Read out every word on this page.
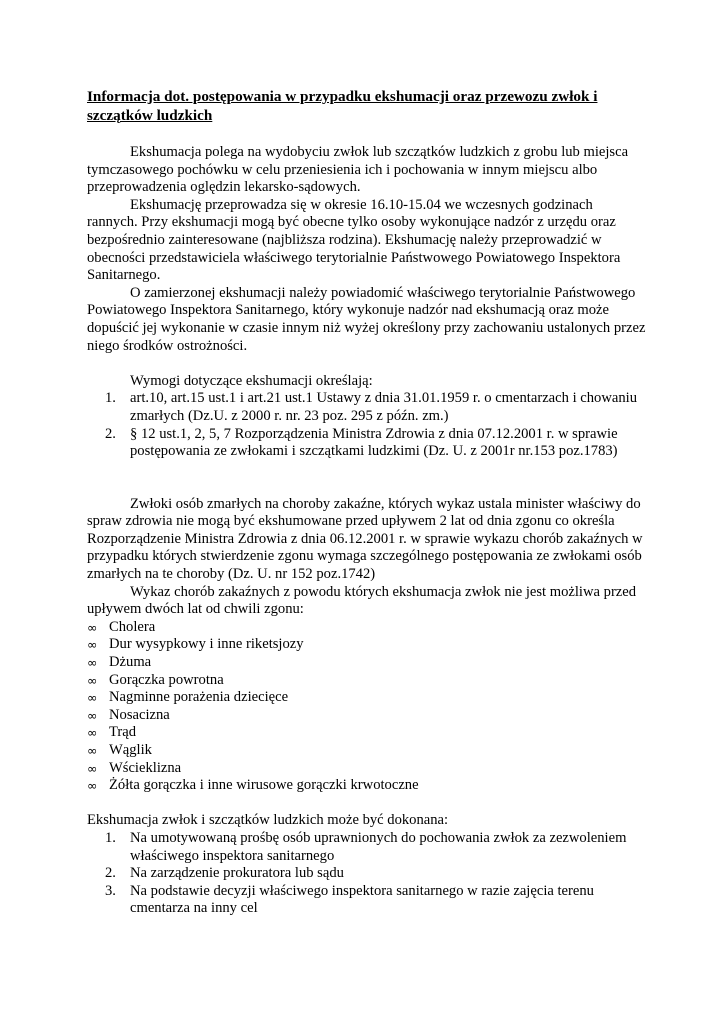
Informacja dot. postępowania w przypadku ekshumacji oraz przewozu zwłok i szczątków ludzkich

Ekshumacja polega na wydobyciu zwłok lub szczątków ludzkich z grobu lub miejsca tymczasowego pochówku w celu przeniesienia ich i pochowania w innym miejscu albo przeprowadzenia oględzin lekarsko-sądowych.

Ekshumację przeprowadza się w okresie 16.10-15.04 we wczesnych godzinach rannych. Przy ekshumacji mogą być obecne tylko osoby wykonujące nadzór z urzędu oraz bezpośrednio zainteresowane (najbliższa rodzina). Ekshumację należy przeprowadzić w obecności przedstawiciela właściwego terytorialnie Państwowego Powiatowego Inspektora Sanitarnego.

O zamierzonej ekshumacji należy powiadomić właściwego terytorialnie Państwowego Powiatowego Inspektora Sanitarnego, który wykonuje nadzór nad ekshumacją oraz może dopuścić jej wykonanie w czasie innym niż wyżej określony przy zachowaniu ustalonych przez niego środków ostrożności.

Wymogi dotyczące ekshumacji określają:

1. art.10, art.15 ust.1 i art.21 ust.1 Ustawy z dnia 31.01.1959 r. o cmentarzach i chowaniu zmarłych (Dz.U. z 2000 r. nr. 23 poz. 295 z późn. zm.)
2. § 12 ust.1, 2, 5, 7 Rozporządzenia Ministra Zdrowia z dnia 07.12.2001 r. w sprawie postępowania ze zwłokami i szczątkami ludzkimi (Dz. U. z 2001r nr.153 poz.1783)

Zwłoki osób zmarłych na choroby zakaźne, których wykaz ustala minister właściwy do spraw zdrowia nie mogą być ekshumowane przed upływem 2 lat od dnia zgonu co określa Rozporządzenie Ministra Zdrowia z dnia 06.12.2001 r. w sprawie wykazu chorób zakaźnych w przypadku których stwierdzenie zgonu wymaga szczególnego postępowania ze zwłokami osób zmarłych na te choroby (Dz. U. nr 152 poz.1742)

Wykaz chorób zakaźnych z powodu których ekshumacja zwłok nie jest możliwa przed upływem dwóch lat od chwili zgonu:

∞ Cholera
∞ Dur wysypkowy i inne riketsjozy
∞ Dżuma
∞ Gorączka powrotna
∞ Nagminne porażenia dziecięce
∞ Nosacizna
∞ Trąd
∞ Wąglik
∞ Wścieklizna
∞ Żółta gorączka i inne wirusowe gorączki krwotoczne

Ekshumacja zwłok i szczątków ludzkich może być dokonana:

1. Na umotywowaną prośbę osób uprawnionych do pochowania zwłok za zezwoleniem właściwego inspektora sanitarnego
2. Na zarządzenie prokuratora lub sądu
3. Na podstawie decyzji właściwego inspektora sanitarnego w razie zajęcia terenu cmentarza na inny cel
